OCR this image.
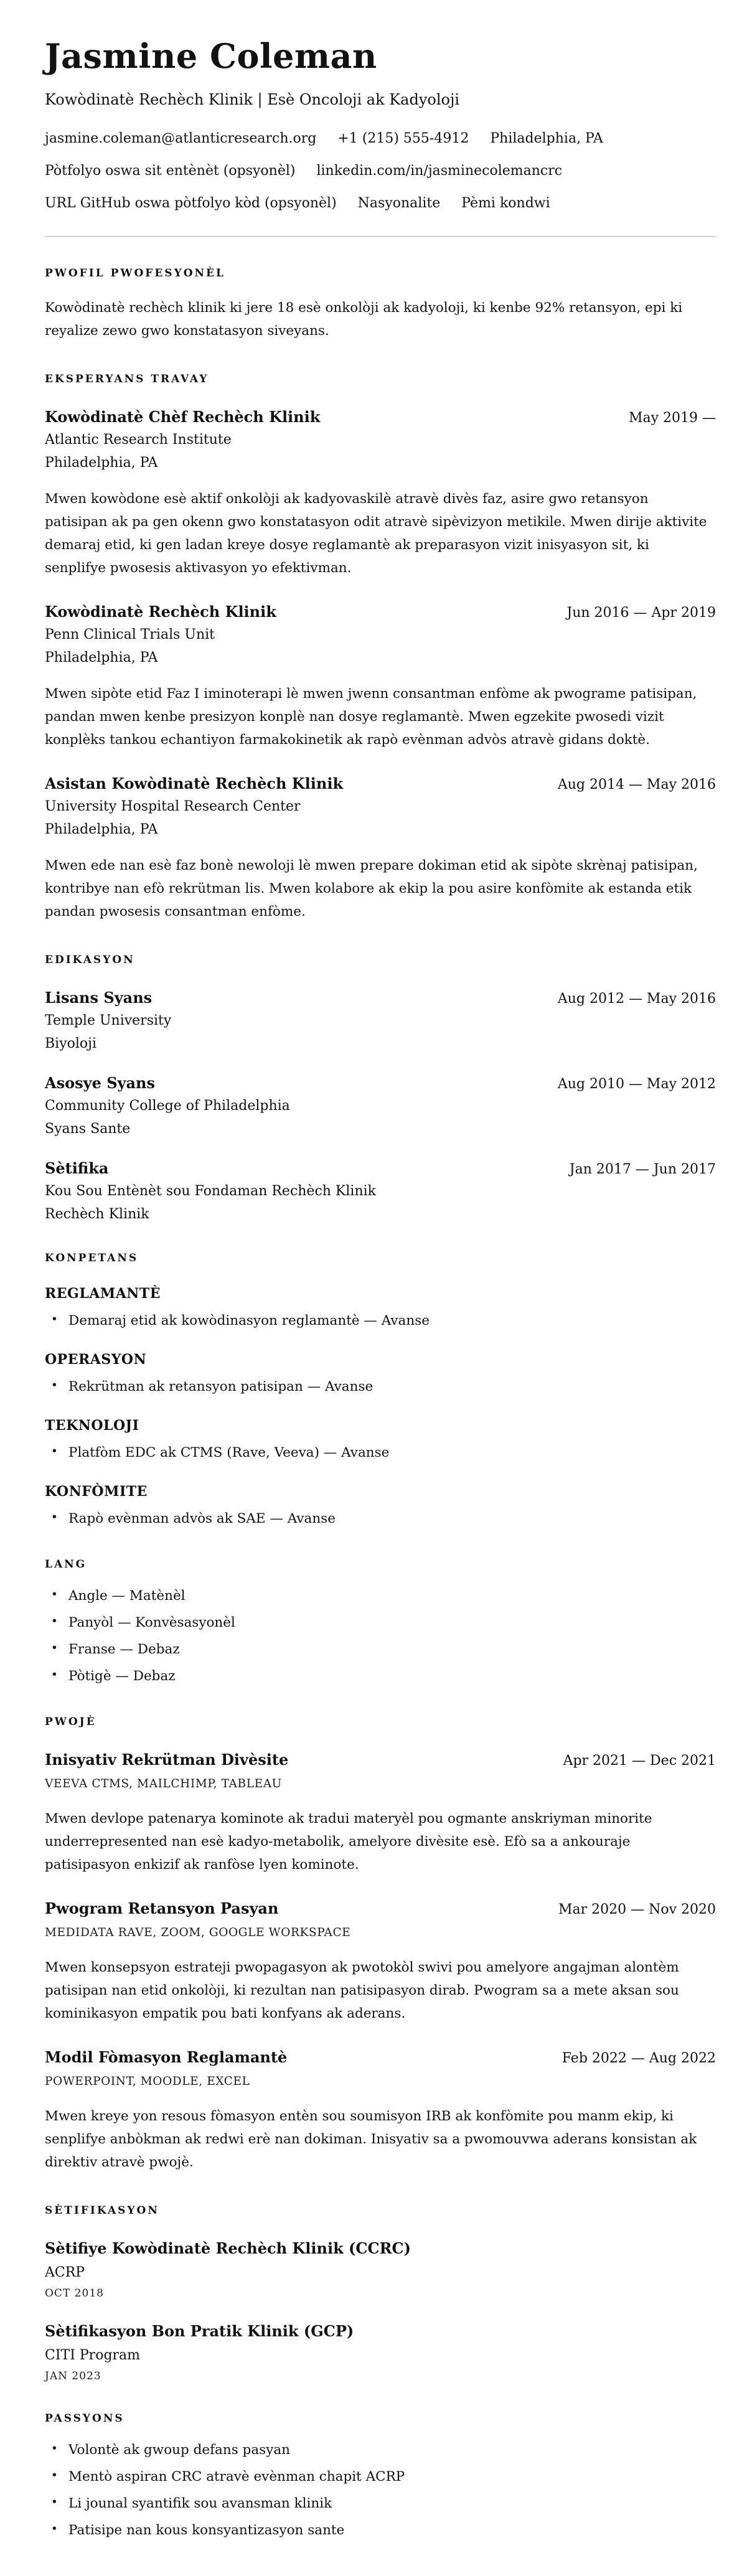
Jasmine Coleman
Kowòdinatè Rechèch Klinik | Esè Oncoloji ak Kadyoloji
jasmine.coleman@atlanticresearch.org +1 (215) 555-4912 Philadelphia, PA
Pòtfolyo oswa sit entènèt (opsyonèl) linkedin.com/in/jasminecolemancrc
URL GitHub oswa pòtfolyo kòd (opsyonèl) Nasyonalite Pèmi kondwi
PWOFIL PWOFESYONÈL

Kowòdinatè rechèch klinik ki jere 18 esè onkolòji ak kadyoloji, ki kenbe 92% retansyon, epi ki reyalize zewo gwo konstatasyon siveyans.

EKSPERYANS TRAVAY
Kowòdinatè Chèf Rechèch Klinik	May 2019 —
Atlantic Research Institute
Philadelphia, PA

Mwen kowòdone esè aktif onkolòji ak kadyovaskilè atravè divès faz, asire gwo retansyon patisipan ak pa gen okenn gwo konstatasyon odit atravè sipèvizyon metikile. Mwen dirije aktivite demaraj etid, ki gen ladan kreye dosye reglamantè ak preparasyon vizit inisyasyon sit, ki senplifye pwosesis aktivasyon yo efektivman.

Kowòdinatè Rechèch Klinik	Jun 2016 — Apr 2019
Penn Clinical Trials Unit
Philadelphia, PA

Mwen sipòte etid Faz I iminoterapi lè mwen jwenn consantman enfòme ak pwograme patisipan, pandan mwen kenbe presizyon konplè nan dosye reglamantè. Mwen egzekite pwosedi vizit konplèks tankou echantiyon farmakokinetik ak rapò evènman advòs atravè gidans doktè.

Asistan Kowòdinatè Rechèch Klinik	Aug 2014 — May 2016
University Hospital Research Center
Philadelphia, PA

Mwen ede nan esè faz bonè newoloji lè mwen prepare dokiman etid ak sipòte skrènaj patisipan, kontribye nan efò rekrütman lis. Mwen kolabore ak ekip la pou asire konfòmite ak estanda etik pandan pwosesis consantman enfòme.

EDIKASYON
Lisans Syans	Aug 2012 — May 2016
Temple University
Biyoloji
Asosye Syans	Aug 2010 — May 2012
Community College of Philadelphia
Syans Sante
Sètifika	Jan 2017 — Jun 2017
Kou Sou Entènèt sou Fondaman Rechèch Klinik
Rechèch Klinik
KONPETANS
REGLAMANTÈ
• Demaraj etid ak kowòdinasyon reglamantè — Avanse
OPERASYON
• Rekrütman ak retansyon patisipan — Avanse
TEKNOLOJI
• Platfòm EDC ak CTMS (Rave, Veeva) — Avanse
KONFÒMITE
• Rapò evènman advòs ak SAE — Avanse
LANG
• Angle — Matènèl
• Panyòl — Konvèsasyonèl
• Franse — Debaz
• Pòtigè — Debaz
PWOJÈ
Inisyativ Rekrütman Divèsite	Apr 2021 — Dec 2021
VEEVA CTMS, MAILCHIMP, TABLEAU

Mwen devlope patenarya kominote ak tradui materyèl pou ogmante anskriyman minorite underrepresented nan esè kadyo-metabolik, amelyore divèsite esè. Efò sa a ankouraje patisipasyon enkizif ak ranfòse lyen kominote.

Pwogram Retansyon Pasyan	Mar 2020 — Nov 2020
MEDIDATA RAVE, ZOOM, GOOGLE WORKSPACE

Mwen konsepsyon estrateji pwopagasyon ak pwotokòl swivi pou amelyore angajman alontèm patisipan nan etid onkolòji, ki rezultan nan patisipasyon dirab. Pwogram sa a mete aksan sou kominikasyon empatik pou bati konfyans ak aderans.

Modil Fòmasyon Reglamantè	Feb 2022 — Aug 2022
POWERPOINT, MOODLE, EXCEL

Mwen kreye yon resous fòmasyon entèn sou soumisyon IRB ak konfòmite pou manm ekip, ki senplifye anbòkman ak redwi erè nan dokiman. Inisyativ sa a pwomouvwa aderans konsistan ak direktiv atravè pwojè.

SÈTIFIKASYON
Sètifiye Kowòdinatè Rechèch Klinik (CCRC)
ACRP
OCT 2018
Sètifikasyon Bon Pratik Klinik (GCP)
CITI Program
JAN 2023
PASSYONS
• Volontè ak gwoup defans pasyan
• Mentò aspiran CRC atravè evènman chapit ACRP
• Li jounal syantifik sou avansman klinik
• Patisipe nan kous konsyantizasyon sante
